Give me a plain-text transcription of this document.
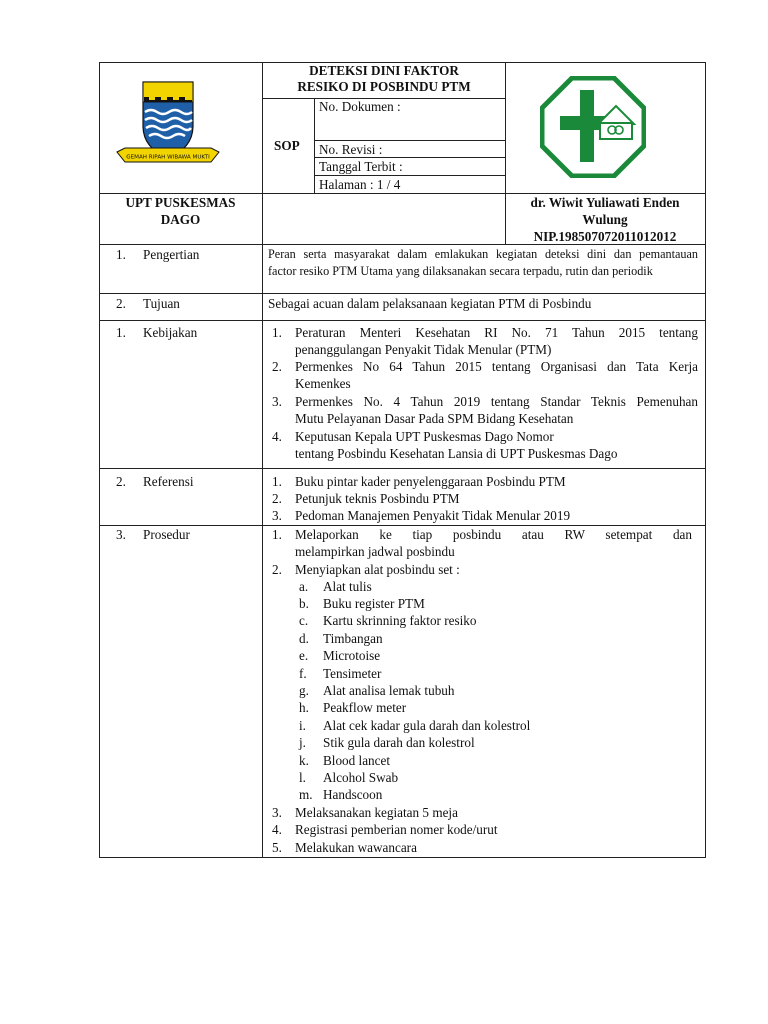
GEMAH RIPAH WIBAWA MUKTI
DETEKSI DINI FAKTOR
RESIKO DI POSBINDU PTM
SOP
No. Dokumen :
No. Revisi :
Tanggal Terbit :
Halaman : 1 / 4
UPT PUSKESMAS
DAGO
dr. Wiwit Yuliawati Enden
Wulung
NIP.198507072011012012
1. Pengertian
2. Tujuan
1. Kebijakan
2. Referensi
3. Prosedur
Peran serta masyarakat dalam emlakukan kegiatan deteksi dini dan pemantauan
factor resiko PTM Utama yang dilaksanakan secara terpadu, rutin dan periodik
Sebagai acuan dalam pelaksanaan kegiatan PTM di Posbindu
1. Peraturan Menteri Kesehatan RI No. 71 Tahun 2015 tentang
penanggulangan Penyakit Tidak Menular (PTM)
2. Permenkes No 64 Tahun 2015 tentang Organisasi dan Tata Kerja
Kemenkes
3. Permenkes No. 4 Tahun 2019 tentang Standar Teknis Pemenuhan
Mutu Pelayanan Dasar Pada SPM Bidang Kesehatan
4. Keputusan Kepala UPT Puskesmas Dago Nomor
tentang Posbindu Kesehatan Lansia di UPT Puskesmas Dago
1. Buku pintar kader penyelenggaraan Posbindu PTM
2. Petunjuk teknis Posbindu PTM
3. Pedoman Manajemen Penyakit Tidak Menular 2019
1. Melaporkan   ke   tiap   posbindu   atau   RW   setempat   dan
melampirkan jadwal posbindu
2. Menyiapkan alat posbindu set :
a. Alat tulis
b. Buku register PTM
c. Kartu skrinning faktor resiko
d. Timbangan
e. Microtoise
f. Tensimeter
g. Alat analisa lemak tubuh
h. Peakflow meter
i. Alat cek kadar gula darah dan kolestrol
j. Stik gula darah dan kolestrol
k. Blood lancet
l. Alcohol Swab
m. Handscoon
3. Melaksanakan kegiatan 5 meja
4. Registrasi pemberian nomer kode/urut
5. Melakukan wawancara
